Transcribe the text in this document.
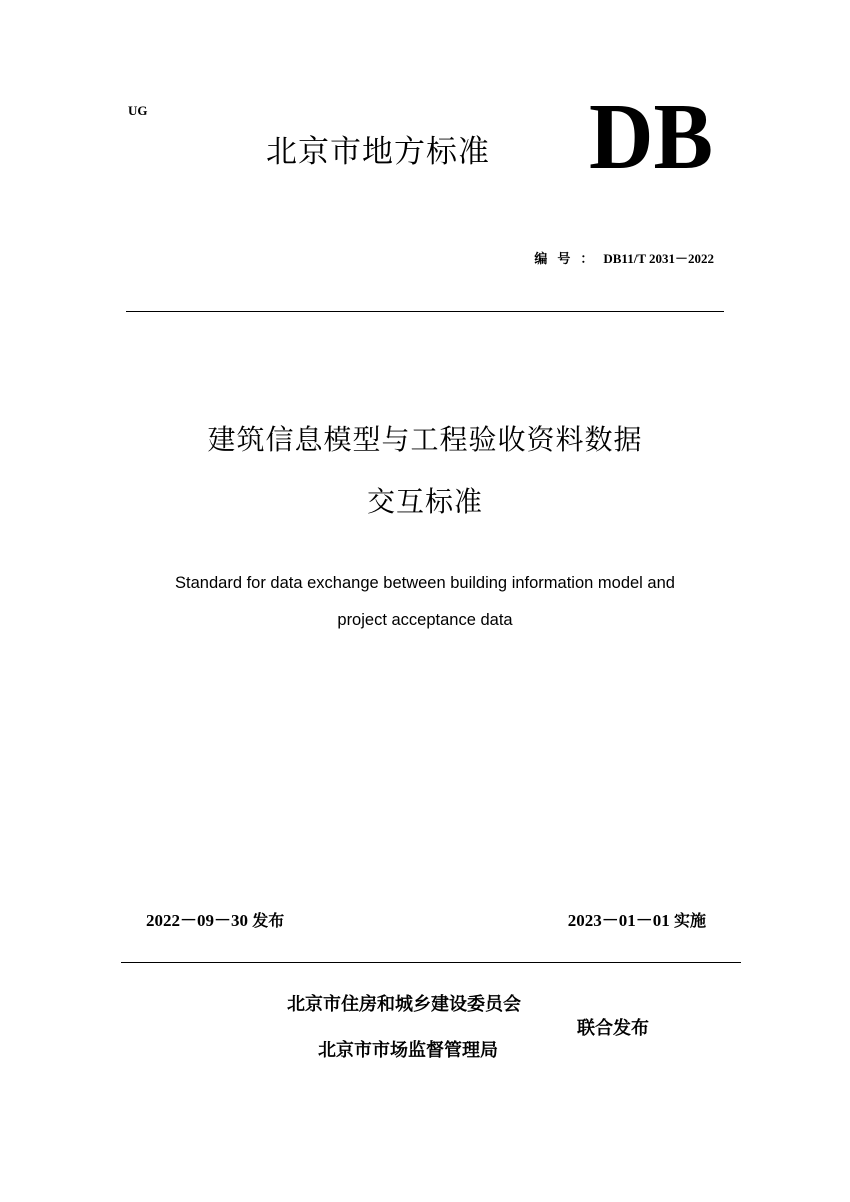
UG
北京市地方标准 DB
编号：DB11/T 2031－2022
建筑信息模型与工程验收资料数据
交互标准
Standard for data exchange between building information model and
project acceptance data
2022－09－30 发布	2023－01－01 实施
北京市住房和城乡建设委员会
北京市市场监督管理局
联合发布
